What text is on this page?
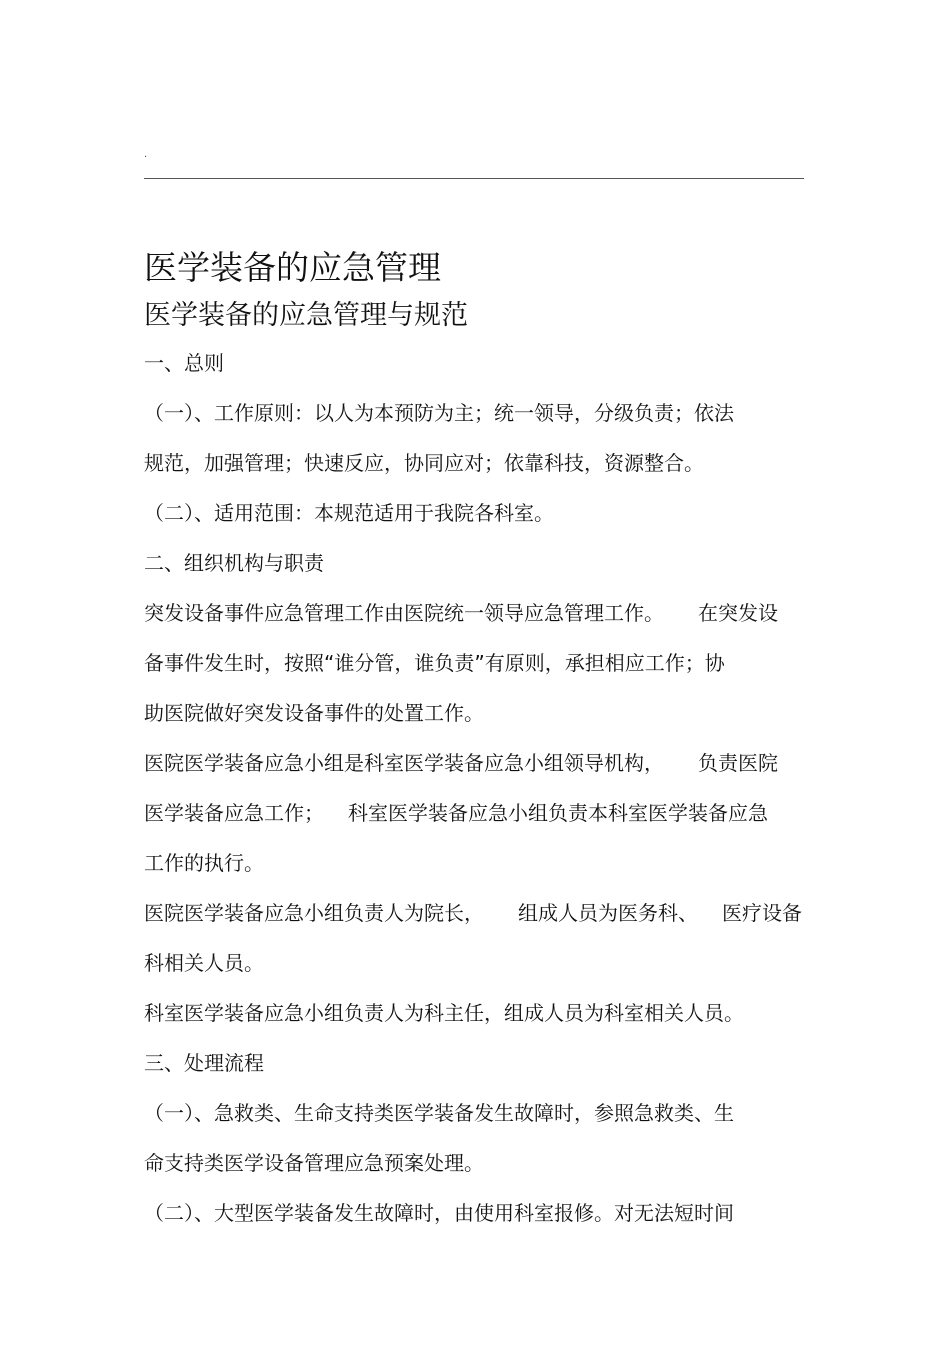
.
医学装备的应急管理
医学装备的应急管理与规范
一、总则
（一）、工作原则：以人为本预防为主；统一领导，分级负责；依法
规范，加强管理；快速反应，协同应对；依靠科技，资源整合。
（二）、适用范围：本规范适用于我院各科室。
二、组织机构与职责
突发设备事件应急管理工作由医院统一领导应急管理工作。 在突发设
备事件发生时，按照“谁分管，谁负责”有原则，承担相应工作；协
助医院做好突发设备事件的处置工作。
医院医学装备应急小组是科室医学装备应急小组领导机构， 负责医院
医学装备应急工作； 科室医学装备应急小组负责本科室医学装备应急
工作的执行。
医院医学装备应急小组负责人为院长， 组成人员为医务科、 医疗设备
科相关人员。
科室医学装备应急小组负责人为科主任，组成人员为科室相关人员。
三、处理流程
（一）、急救类、生命支持类医学装备发生故障时，参照急救类、生
命支持类医学设备管理应急预案处理。
（二）、大型医学装备发生故障时，由使用科室报修。对无法短时间
